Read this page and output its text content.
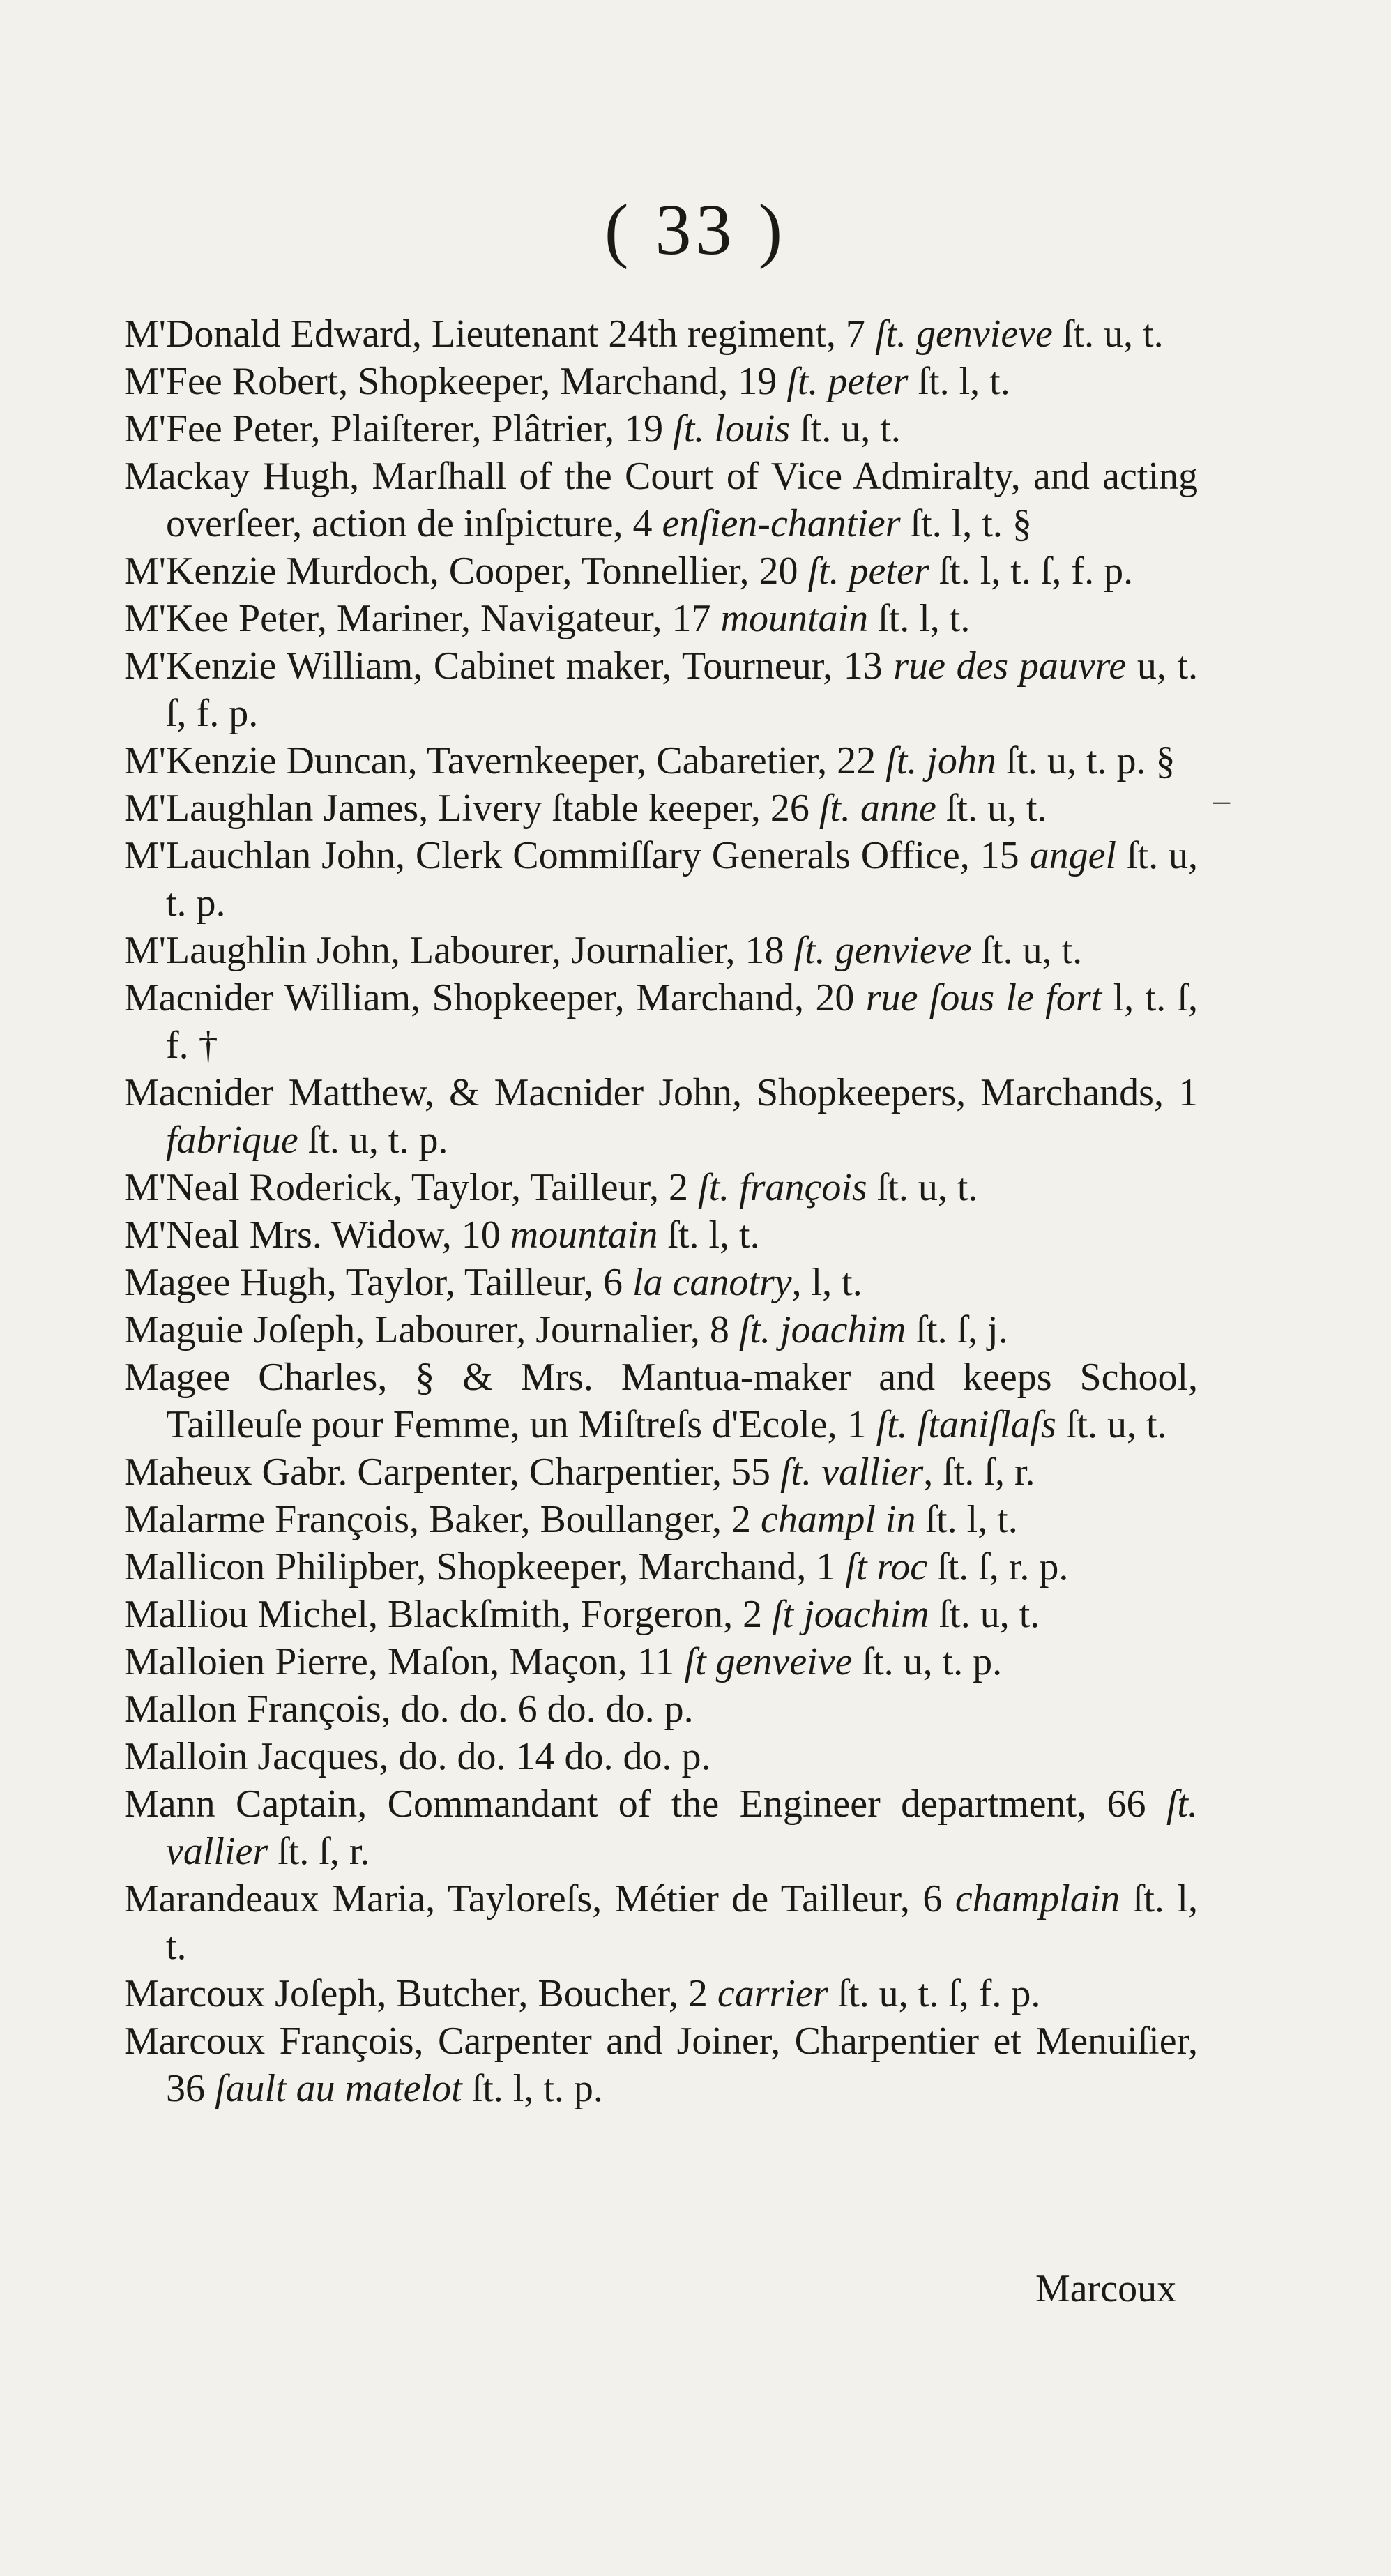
( 33 )
M'Donald Edward, Lieutenant 24th regiment, 7 ſt. genvieve ſt. u, t.
M'Fee Robert, Shopkeeper, Marchand, 19 ſt. peter ſt. l, t.
M'Fee Peter, Plaiſterer, Plâtrier, 19 ſt. louis ſt. u, t.
Mackay Hugh, Marſhall of the Court of Vice Admiralty, and acting overſeer, action de inſpicture, 4 enſien-chantier ſt. l, t. §
M'Kenzie Murdoch, Cooper, Tonnellier, 20 ſt. peter ſt. l, t. ſ, f. p.
M'Kee Peter, Mariner, Navigateur, 17 mountain ſt. l, t.
M'Kenzie William, Cabinet maker, Tourneur, 13 rue des pauvre u, t. ſ, f. p.
M'Kenzie Duncan, Tavernkeeper, Cabaretier, 22 ſt. john ſt. u, t. p. §
M'Laughlan James, Livery ſtable keeper, 26 ſt. anne ſt. u, t.
M'Lauchlan John, Clerk Commiſſary Generals Office, 15 angel ſt. u, t. p.
M'Laughlin John, Labourer, Journalier, 18 ſt. genvieve ſt. u, t.
Macnider William, Shopkeeper, Marchand, 20 rue ſous le fort l, t. ſ, f. †
Macnider Matthew, & Macnider John, Shopkeepers, Marchands, 1 fabrique ſt. u, t. p.
M'Neal Roderick, Taylor, Tailleur, 2 ſt. françois ſt. u, t.
M'Neal Mrs. Widow, 10 mountain ſt. l, t.
Magee Hugh, Taylor, Tailleur, 6 la canotry, l, t.
Maguie Joſeph, Labourer, Journalier, 8 ſt. joachim ſt. ſ, j.
Magee Charles, § & Mrs. Mantua-maker and keeps School, Tailleuſe pour Femme, un Miſtreſs d'Ecole, 1 ſt. ſtaniſlaſs ſt. u, t.
Maheux Gabr. Carpenter, Charpentier, 55 ſt. vallier, ſt. ſ, r.
Malarme François, Baker, Boullanger, 2 champl in ſt. l, t.
Mallicon Philipber, Shopkeeper, Marchand, 1 ſt roc ſt. ſ, r. p.
Malliou Michel, Blackſmith, Forgeron, 2 ſt joachim ſt. u, t.
Malloien Pierre, Maſon, Maçon, 11 ſt genveive ſt. u, t. p.
Mallon François, do. do. 6 do. do. p.
Malloin Jacques, do. do. 14 do. do. p.
Mann Captain, Commandant of the Engineer department, 66 ſt. vallier ſt. ſ, r.
Marandeaux Maria, Tayloreſs, Métier de Tailleur, 6 champlain ſt. l, t.
Marcoux Joſeph, Butcher, Boucher, 2 carrier ſt. u, t. ſ, f. p.
Marcoux François, Carpenter and Joiner, Charpentier et Menuiſier, 36 ſault au matelot ſt. l, t. p.
Marcoux
–
